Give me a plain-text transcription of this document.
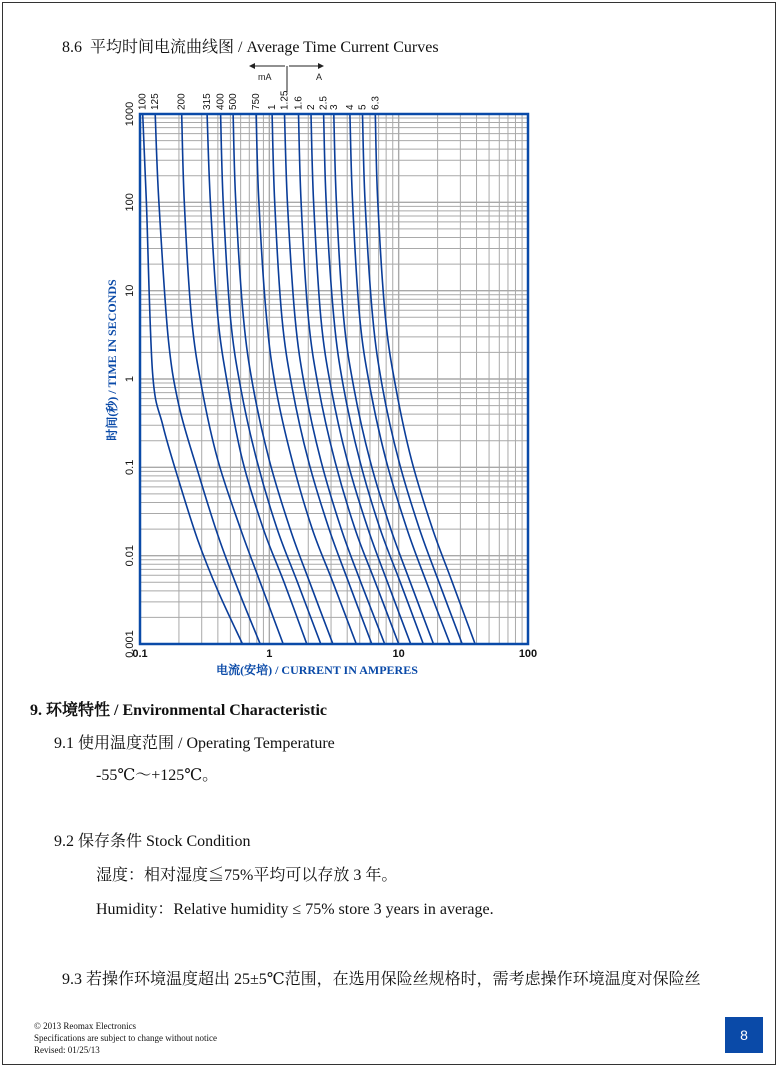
8.6 平均时间电流曲线图 / Average Time Current Curves
0.1	1	10	100
0.001
0.01
0.1
1
10
100
1000
100 125 200 315 400 500 750 1 1.25 1.6 2 2.5 3 4 5 6.3
mA	A
电流(安培) / CURRENT IN AMPERES
时间(秒) / TIME IN SECONDS
9. 环境特性 / Environmental Characteristic
9.1 使用温度范围 / Operating Temperature
-55℃～+125℃。
9.2 保存条件 Stock Condition
湿度：相对湿度≦75%平均可以存放 3 年。
Humidity：Relative humidity ≤ 75% store 3 years in average.
9.3 若操作环境温度超出 25±5℃范围，在选用保险丝规格时，需考虑操作环境温度对保险丝
© 2013 Reomax Electronics
Specifications are subject to change without notice
Revised: 01/25/13
8
